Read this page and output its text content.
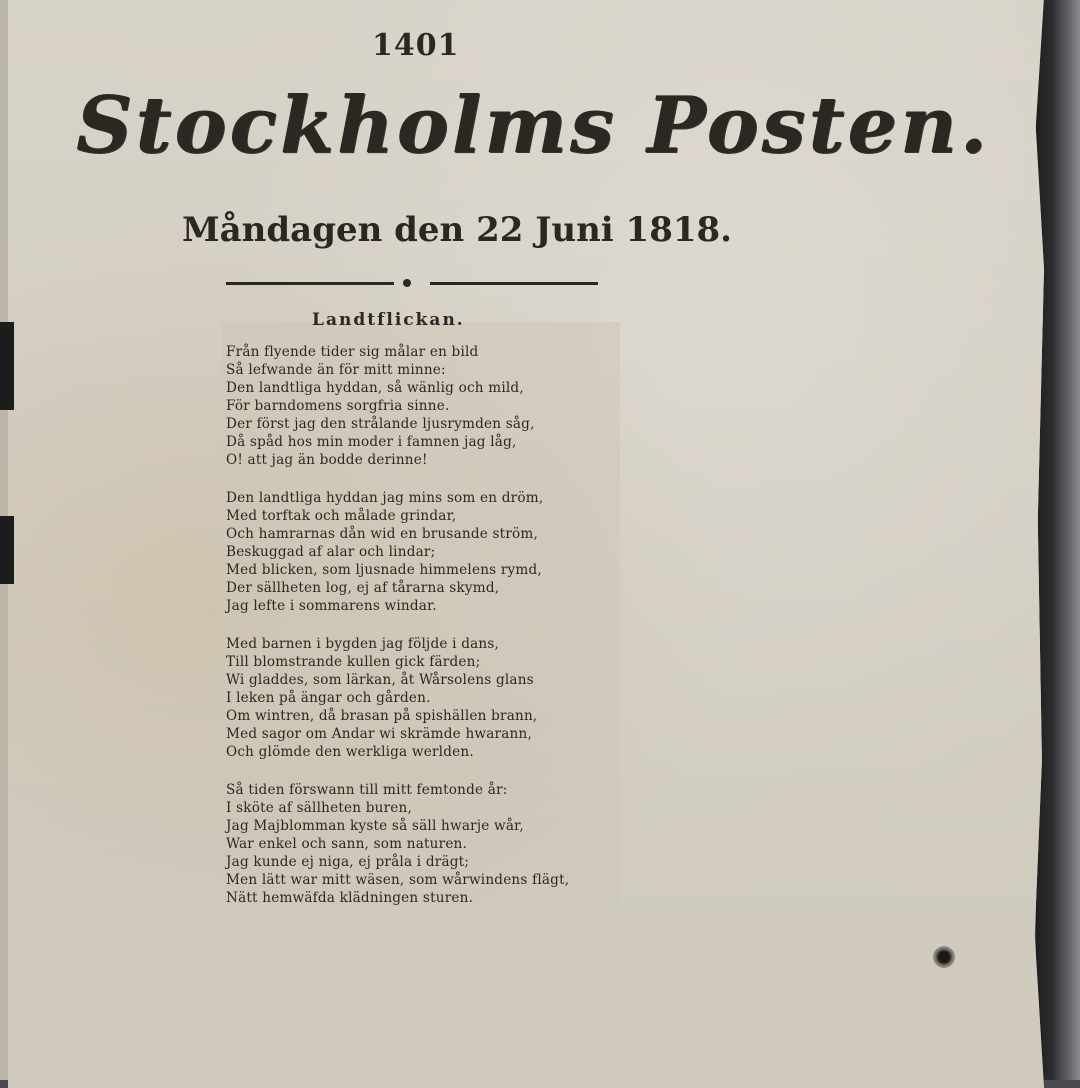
1401
Stockholms Posten.
Måndagen den 22 Juni 1818.
Landtflickan.
Från flyende tider sig målar en bild
Så lefwande än för mitt minne:
Den landtliga hyddan, så wänlig och mild,
För barndomens sorgfria sinne.
Der först jag den strålande ljusrymden såg,
Då spåd hos min moder i famnen jag låg,
O! att jag än bodde derinne!
Den landtliga hyddan jag mins som en dröm,
Med torftak och målade grindar,
Och hamrarnas dån wid en brusande ström,
Beskuggad af alar och lindar;
Med blicken, som ljusnade himmelens rymd,
Der sällheten log, ej af tårarna skymd,
Jag lefte i sommarens windar.
Med barnen i bygden jag följde i dans,
Till blomstrande kullen gick färden;
Wi gladdes, som lärkan, åt Wårsolens glans
I leken på ängar och gården.
Om wintren, då brasan på spishällen brann,
Med sagor om Andar wi skrämde hwarann,
Och glömde den werkliga werlden.
Så tiden förswann till mitt femtonde år:
I sköte af sällheten buren,
Jag Majblomman kyste så säll hwarje wår,
War enkel och sann, som naturen.
Jag kunde ej niga, ej pråla i drägt;
Men lätt war mitt wäsen, som wårwindens flägt,
Nätt hemwäfda klädningen sturen.
